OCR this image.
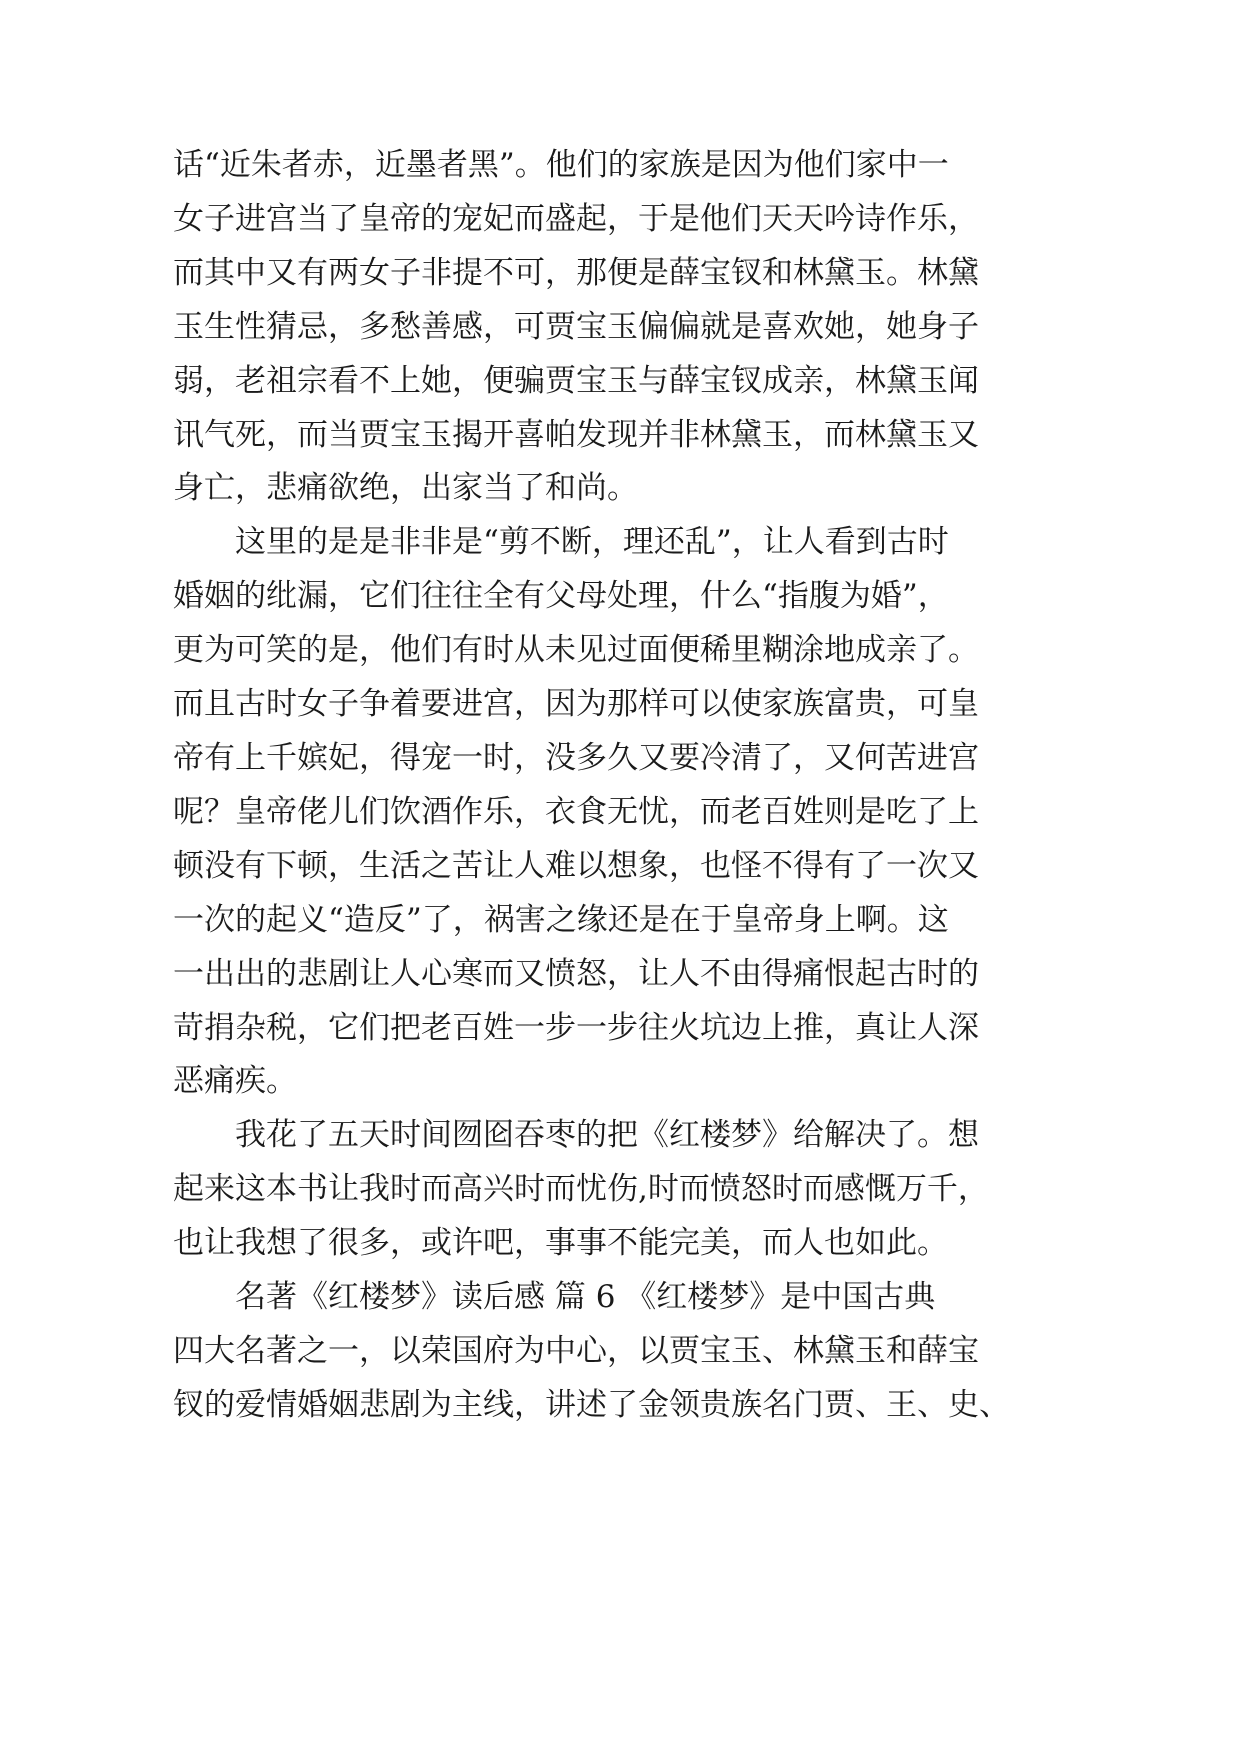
话“近朱者赤，近墨者黑”。他们的家族是因为他们家中一
女子进宫当了皇帝的宠妃而盛起，于是他们天天吟诗作乐，
而其中又有两女子非提不可，那便是薛宝钗和林黛玉。林黛
玉生性猜忌，多愁善感，可贾宝玉偏偏就是喜欢她，她身子
弱，老祖宗看不上她，便骗贾宝玉与薛宝钗成亲，林黛玉闻
讯气死，而当贾宝玉揭开喜帕发现并非林黛玉，而林黛玉又
身亡，悲痛欲绝，出家当了和尚。
这里的是是非非是“剪不断，理还乱”，让人看到古时
婚姻的纰漏，它们往往全有父母处理，什么“指腹为婚”，
更为可笑的是，他们有时从未见过面便稀里糊涂地成亲了。
而且古时女子争着要进宫，因为那样可以使家族富贵，可皇
帝有上千嫔妃，得宠一时，没多久又要冷清了，又何苦进宫
呢？皇帝佬儿们饮酒作乐，衣食无忧，而老百姓则是吃了上
顿没有下顿，生活之苦让人难以想象，也怪不得有了一次又
一次的起义“造反”了，祸害之缘还是在于皇帝身上啊。这
一出出的悲剧让人心寒而又愤怒，让人不由得痛恨起古时的
苛捐杂税，它们把老百姓一步一步往火坑边上推，真让人深
恶痛疾。
我花了五天时间囫囵吞枣的把《红楼梦》给解决了。想
起来这本书让我时而高兴时而忧伤,时而愤怒时而感慨万千，
也让我想了很多，或许吧，事事不能完美，而人也如此。
名著《红楼梦》读后感 篇 6 《红楼梦》是中国古典
四大名著之一，以荣国府为中心，以贾宝玉、林黛玉和薛宝
钗的爱情婚姻悲剧为主线，讲述了金领贵族名门贾、王、史、
